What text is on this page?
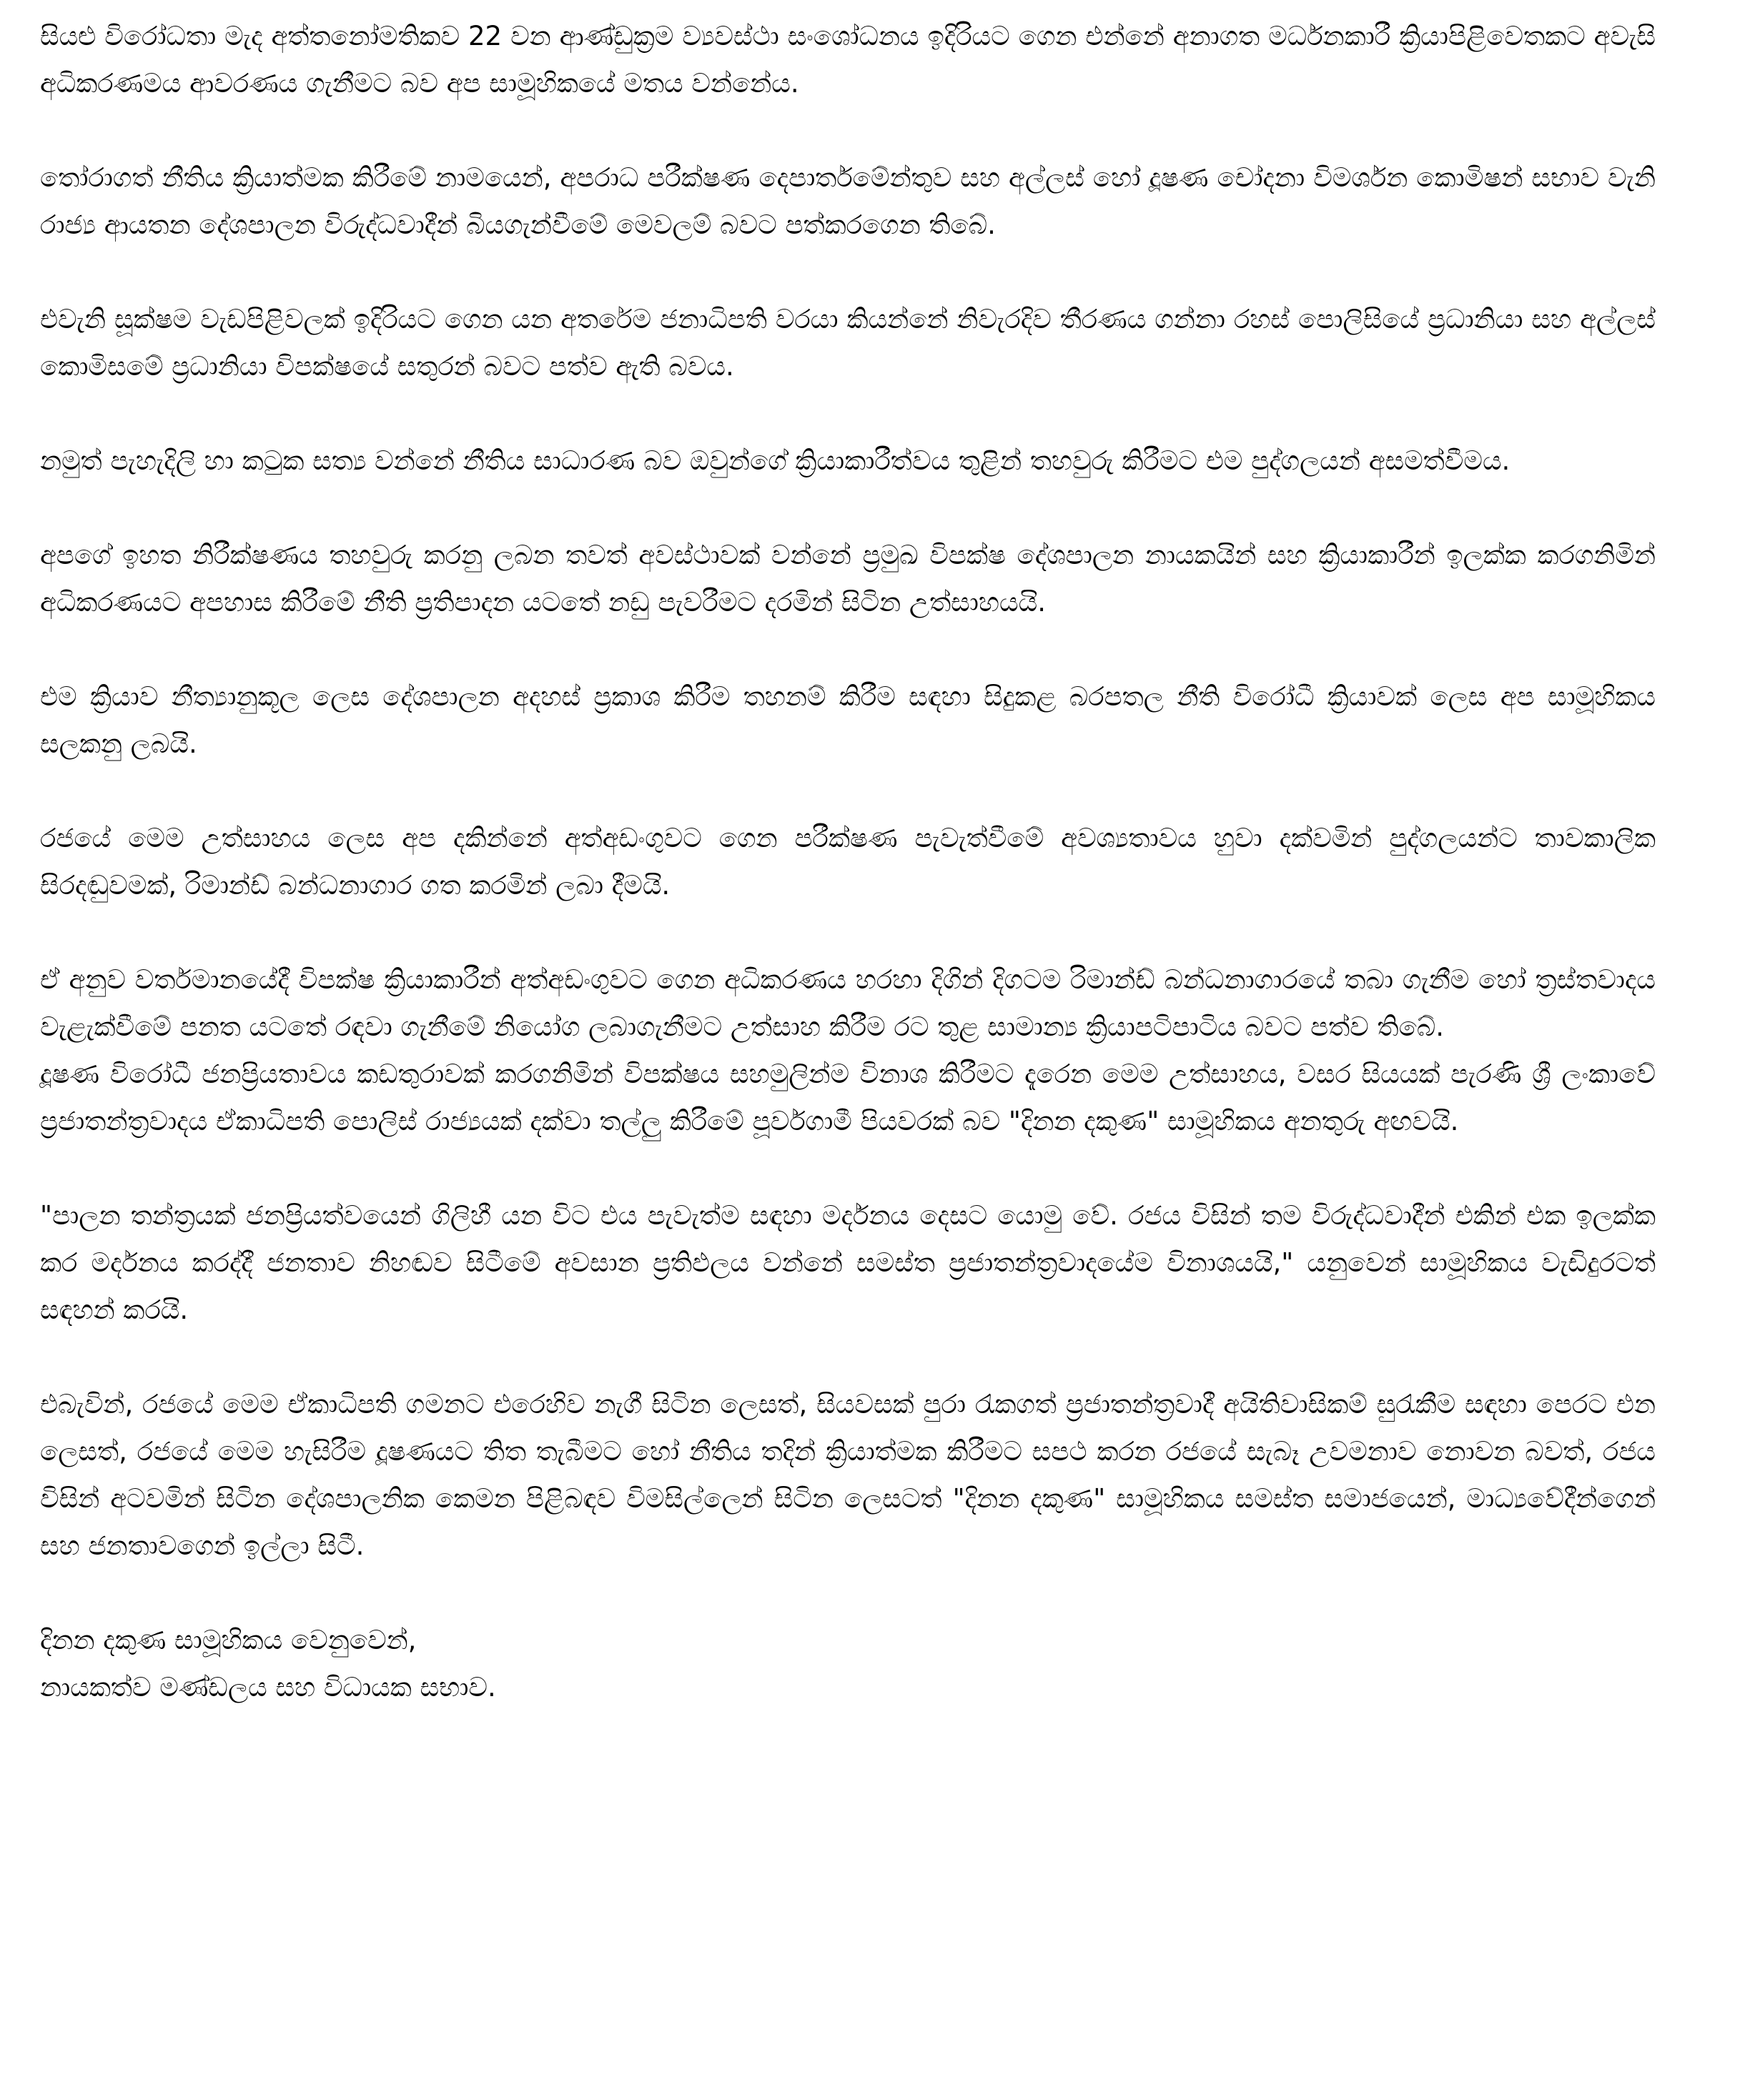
සියළු විරෝධතා මැද අත්තනෝමතිකව 22 වන ආණ්ඩුක්‍රම ව්‍යවස්ථා සංශෝධනය ඉදිරියට ගෙන එන්නේ අනාගත මර්ධනකාරී ක්‍රියාපිළිවෙතකට අවැසි අධිකරණමය ආවරණය ගැනීමට බව අප සාමූහිකයේ මතය වන්නේය.

තෝරාගත් නීතිය ක්‍රියාත්මක කිරීමේ නාමයෙන්, අපරාධ පරීක්ෂණ දෙපාර්තමේන්තුව සහ අල්ලස් හෝ දූෂණ චෝදනා විමර්ශන කොමිෂන් සභාව වැනි රාජ්‍ය ආයතන දේශපාලන විරුද්ධවාදීන් බියගැන්වීමේ මෙවලම් බවට පත්කරගෙන තිබේ.

එවැනි සූක්ෂම වැඩපිළිවලක් ඉදිරියට ගෙන යන අතරේම ජනාධිපති වරයා කියන්නේ නිවැරදිව තීරණය ගන්නා රහස් පොලිසියේ ප්‍රධානියා සහ අල්ලස් කොමිසමේ ප්‍රධානියා විපක්ෂයේ සතුරන් බවට පත්ව ඇති බවය.

නමුත් පැහැදිලි හා කටුක සත්‍ය වන්නේ නීතිය සාධාරණ බව ඔවුන්ගේ ක්‍රියාකාරීත්වය තුළින් තහවුරු කිරීමට එම පුද්ගලයන් අසමත්වීමය.

අපගේ ඉහත නිරීක්ෂණය තහවුරු කරනු ලබන තවත් අවස්ථාවක් වන්නේ ප්‍රමුඛ විපක්ෂ දේශපාලන නායකයින් සහ ක්‍රියාකාරීන් ඉලක්ක කරගනිමින් අධිකරණයට අපහාස කිරීමේ නීති ප්‍රතිපාදන යටතේ නඩු පැවරීමට දරමින් සිටින උත්සාහයයි.

එම ක්‍රියාව නීත්‍යානුකූල ලෙස දේශපාලන අදහස් ප්‍රකාශ කිරීම තහනම් කිරීම සඳහා සිදුකළ බරපතල නීති විරෝධී ක්‍රියාවක් ලෙස අප සාමූහිකය සලකනු ලබයි.

රජයේ මෙම උත්සාහය ලෙස අප දකින්නේ අත්අඩංගුවට ගෙන පරීක්ෂණ පැවැත්වීමේ අවශ්‍යතාවය හුවා දක්වමින් පුද්ගලයන්ට තාවකාලික සිරදඬුවමක්, රිමාන්ඩ් බන්ධනාගාර ගත කරමින් ලබා දීමයි.

ඒ අනුව වර්තමානයේදී විපක්ෂ ක්‍රියාකාරීන් අත්අඩංගුවට ගෙන අධිකරණය හරහා දිගින් දිගටම රිමාන්ඩ් බන්ධනාගාරයේ තබා ගැනීම හෝ ත්‍රස්තවාදය වැළැක්වීමේ පනත යටතේ රඳවා ගැනීමේ නියෝග ලබාගැනීමට උත්සාහ කිරීම රට තුළ සාමාන්‍ය ක්‍රියාපටිපාටිය බවට පත්ව තිබේ.

දූෂණ විරෝධී ජනප්‍රියතාවය කඩතුරාවක් කරගනිමින් විපක්ෂය සහමුලින්ම විනාශ කිරීමට දැරෙන මෙම උත්සාහය, වසර සියයක් පැරණි ශ්‍රී ලංකාවේ ප්‍රජාතන්ත්‍රවාදය ඒකාධිපති පොලිස් රාජ්‍යයක් දක්වා තල්ලු කිරීමේ පූර්වගාමී පියවරක් බව "දිනන දකුණ" සාමූහිකය අනතුරු අඟවයි.

"පාලන තන්ත්‍රයක් ජනප්‍රියත්වයෙන් ගිලිහී යන විට එය පැවැත්ම සඳහා මර්දනය දෙසට යොමු වේ. රජය විසින් තම විරුද්ධවාදීන් එකින් එක ඉලක්ක කර මර්දනය කරද්දී ජනතාව නිහඬව සිටීමේ අවසාන ප්‍රතිඵලය වන්නේ සමස්ත ප්‍රජාතන්ත්‍රවාදයේම විනාශයයි," යනුවෙන් සාමූහිකය වැඩිදුරටත් සඳහන් කරයි.

එබැවින්, රජයේ මෙම ඒකාධිපති ගමනට එරෙහිව නැගී සිටින ලෙසත්, සියවසක් පුරා රැකගත් ප්‍රජාතන්ත්‍රවාදී අයිතිවාසිකම් සුරැකීම සඳහා පෙරට එන ලෙසත්, රජයේ මෙම හැසිරීම දූෂණයට තිත තැබීමට හෝ නීතිය තදින් ක්‍රියාත්මක කිරීමට සපථ කරන රජයේ සැබෑ උවමනාව නොවන බවත්, රජය විසින් අටවමින් සිටින දේශපාලනික කෙමන පිළිබඳව විමසිල්ලෙන් සිටින ලෙසටත් "දිනන දකුණ" සාමූහිකය සමස්ත සමාජයෙන්, මාධ්‍යවේදීන්ගෙන් සහ ජනතාවගෙන් ඉල්ලා සිටී.

දිනන දකුණ සාමූහිකය වෙනුවෙන්,
නායකත්ව මණ්ඩලය සහ විධායක සභාව.
